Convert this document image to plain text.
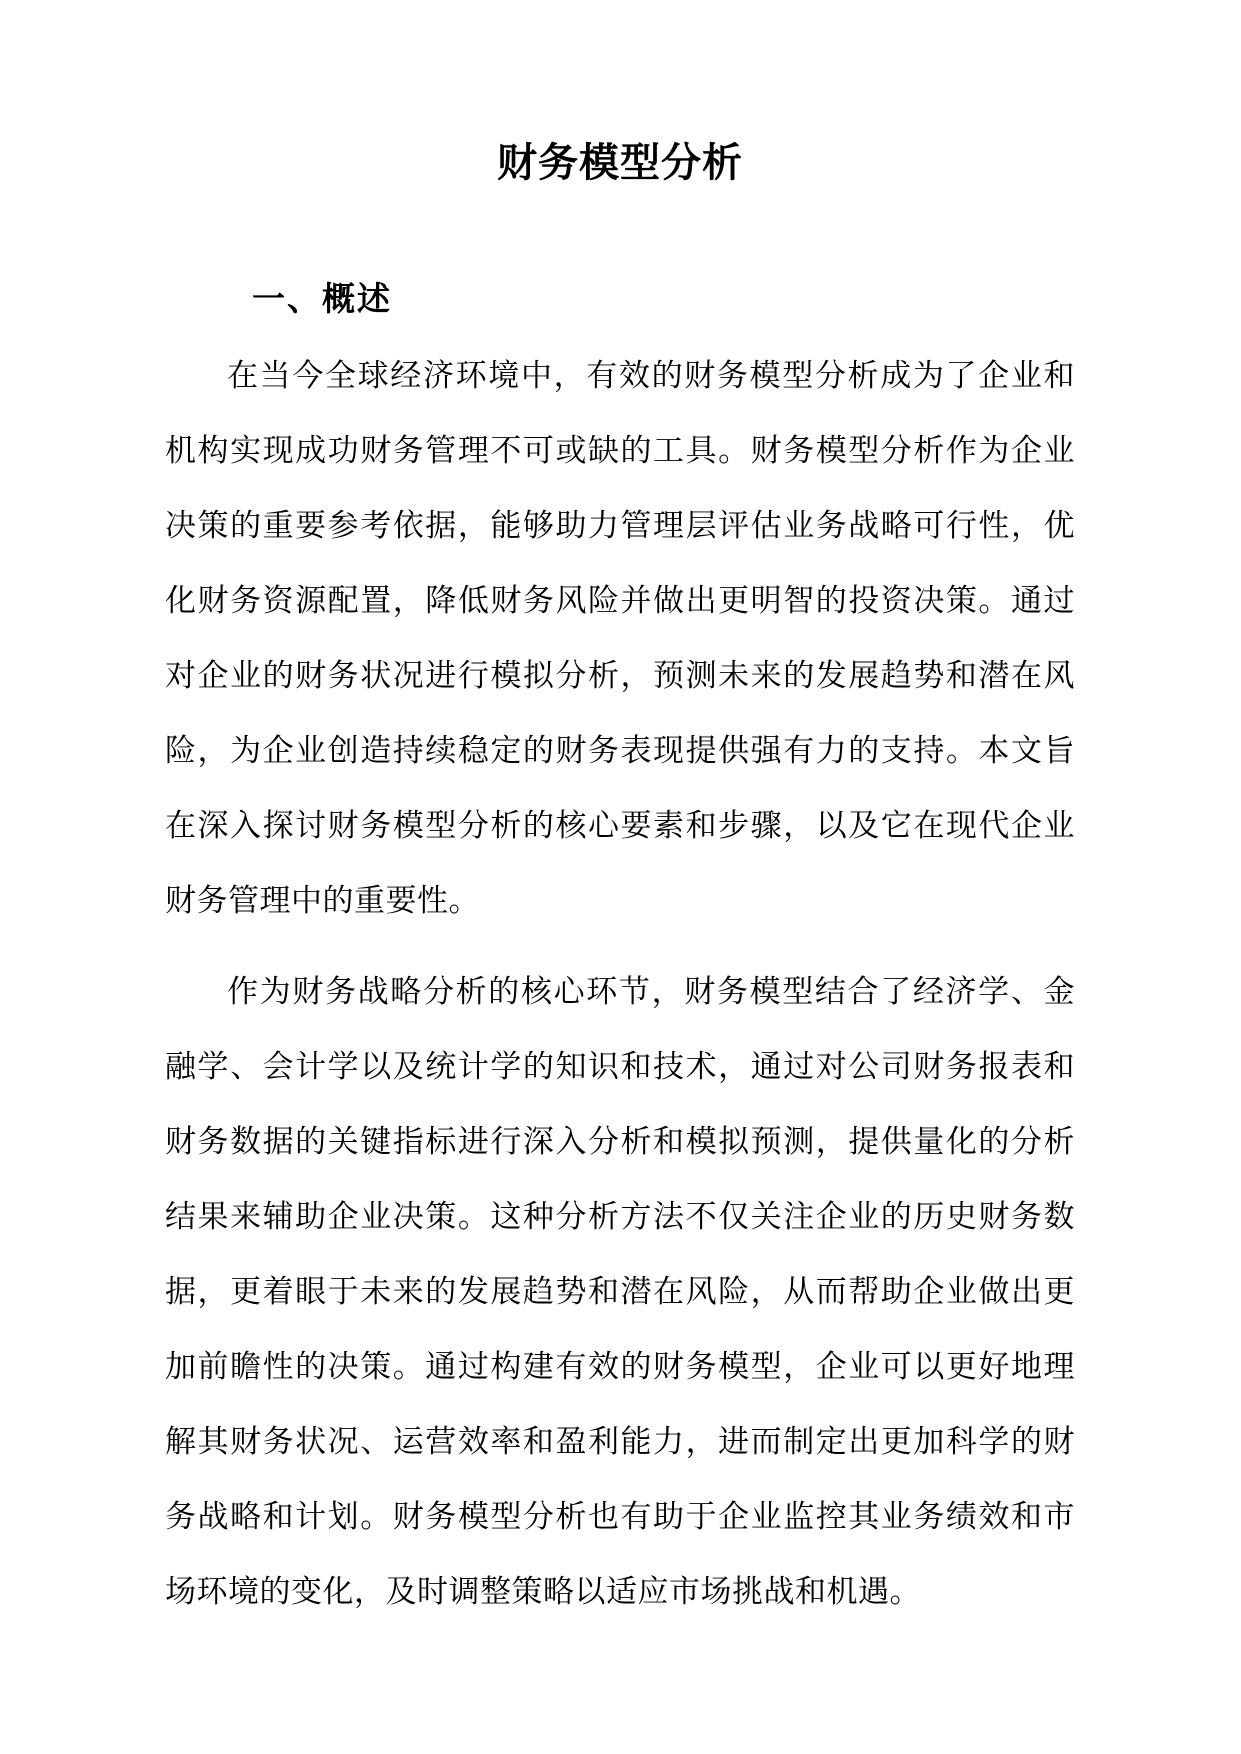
财务模型分析
一、概述

在当今全球经济环境中，有效的财务模型分析成为了企业和机构实现成功财务管理不可或缺的工具。财务模型分析作为企业决策的重要参考依据，能够助力管理层评估业务战略可行性，优化财务资源配置，降低财务风险并做出更明智的投资决策。通过对企业的财务状况进行模拟分析，预测未来的发展趋势和潜在风险，为企业创造持续稳定的财务表现提供强有力的支持。本文旨在深入探讨财务模型分析的核心要素和步骤，以及它在现代企业财务管理中的重要性。

作为财务战略分析的核心环节，财务模型结合了经济学、金融学、会计学以及统计学的知识和技术，通过对公司财务报表和财务数据的关键指标进行深入分析和模拟预测，提供量化的分析结果来辅助企业决策。这种分析方法不仅关注企业的历史财务数据，更着眼于未来的发展趋势和潜在风险，从而帮助企业做出更加前瞻性的决策。通过构建有效的财务模型，企业可以更好地理解其财务状况、运营效率和盈利能力，进而制定出更加科学的财务战略和计划。财务模型分析也有助于企业监控其业务绩效和市场环境的变化，及时调整策略以适应市场挑战和机遇。
